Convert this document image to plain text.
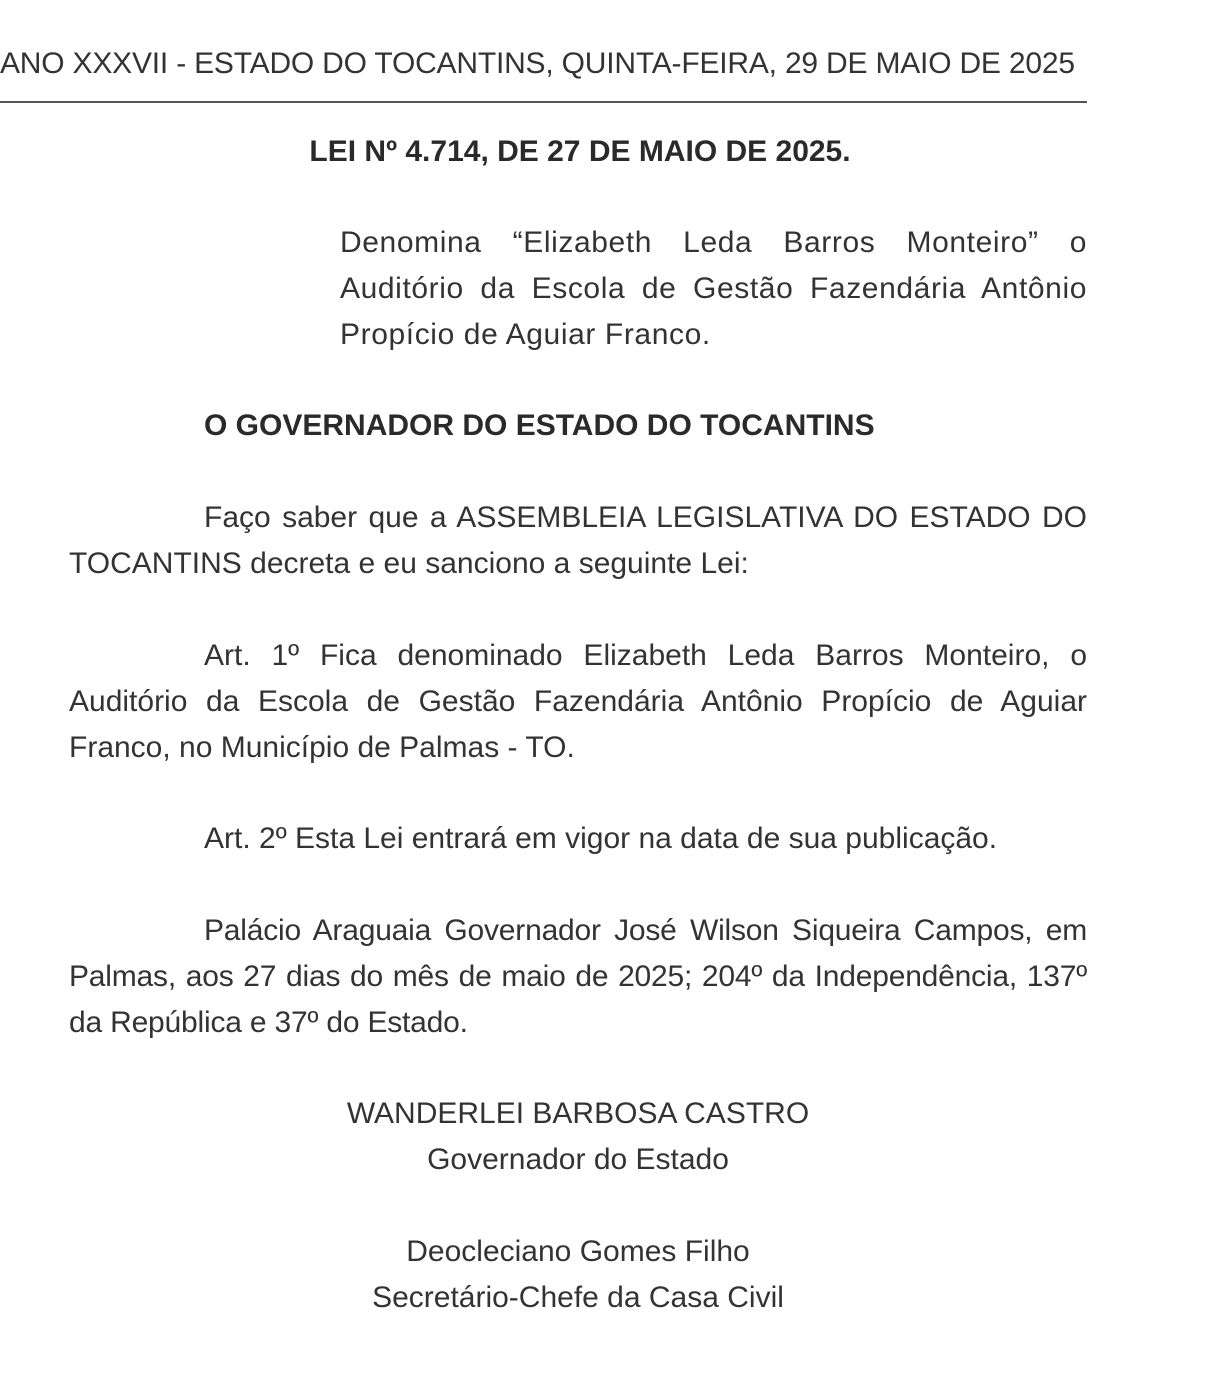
ANO XXXVII - ESTADO DO TOCANTINS, QUINTA-FEIRA, 29 DE MAIO DE 2025
LEI Nº 4.714, DE 27 DE MAIO DE 2025.
Denomina “Elizabeth Leda Barros Monteiro” o Auditório da Escola de Gestão Fazendária Antônio Propício de Aguiar Franco.
O GOVERNADOR DO ESTADO DO TOCANTINS
Faço saber que a ASSEMBLEIA LEGISLATIVA DO ESTADO DO TOCANTINS decreta e eu sanciono a seguinte Lei:
Art. 1º Fica denominado Elizabeth Leda Barros Monteiro, o Auditório da Escola de Gestão Fazendária Antônio Propício de Aguiar Franco, no Município de Palmas - TO.
Art. 2º Esta Lei entrará em vigor na data de sua publicação.
Palácio Araguaia Governador José Wilson Siqueira Campos, em Palmas, aos 27 dias do mês de maio de 2025; 204º da Independência, 137º da República e 37º do Estado.
WANDERLEI BARBOSA CASTRO
Governador do Estado
Deocleciano Gomes Filho
Secretário-Chefe da Casa Civil
